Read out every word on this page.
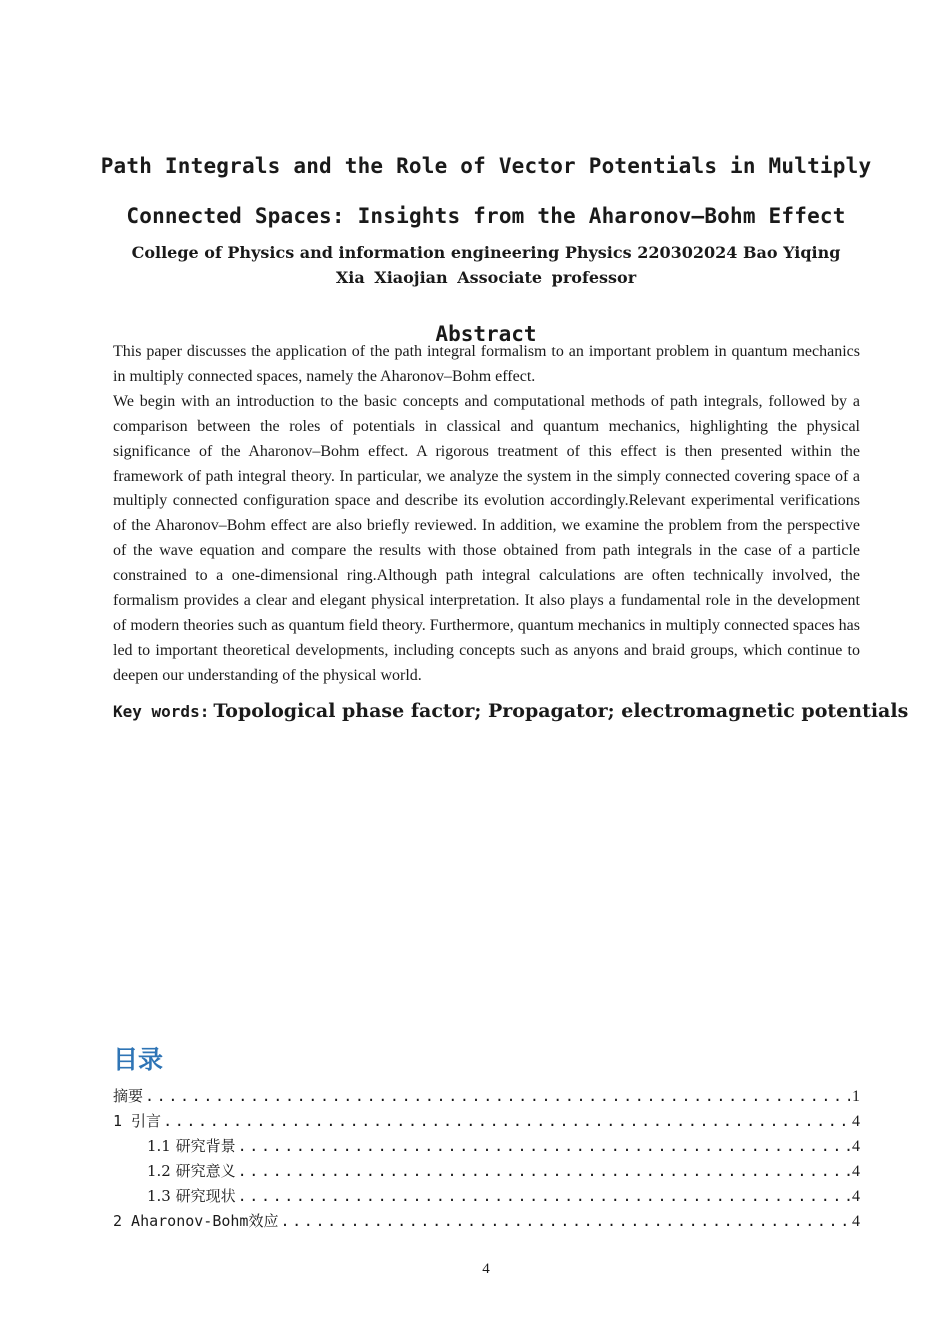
Path Integrals and the Role of Vector Potentials in Multiply
Connected Spaces: Insights from the Aharonov–Bohm Effect
College of Physics and information engineering Physics 220302024 Bao Yiqing
Xia Xiaojian Associate professor
Abstract

This paper discusses the application of the path integral formalism to an important problem in quantum mechanics in multiply connected spaces, namely the Aharonov–Bohm effect.

We begin with an introduction to the basic concepts and computational methods of path integrals, followed by a comparison between the roles of potentials in classical and quantum mechanics, highlighting the physical significance of the Aharonov–Bohm effect. A rigorous treatment of this effect is then presented within the framework of path integral theory. In particular, we analyze the system in the simply connected covering space of a multiply connected configuration space and describe its evolution accordingly.Relevant experimental verifications of the Aharonov–Bohm effect are also briefly reviewed. In addition, we examine the problem from the perspective of the wave equation and compare the results with those obtained from path integrals in the case of a particle constrained to a one-dimensional ring.Although path integral calculations are often technically involved, the formalism provides a clear and elegant physical interpretation. It also plays a fundamental role in the development of modern theories such as quantum field theory. Furthermore, quantum mechanics in multiply connected spaces has led to important theoretical developments, including concepts such as anyons and braid groups, which continue to deepen our understanding of the physical world.

Key words: Topological phase factor; Propagator; electromagnetic potentials
目录
摘要 . . .	1
1 引言 . . .	4
1.1 研究背景 . . .	4
1.2 研究意义 . . .	4
1.3 研究现状 . . .	4
2 Aharonov-Bohm效应 . . .	4
4
